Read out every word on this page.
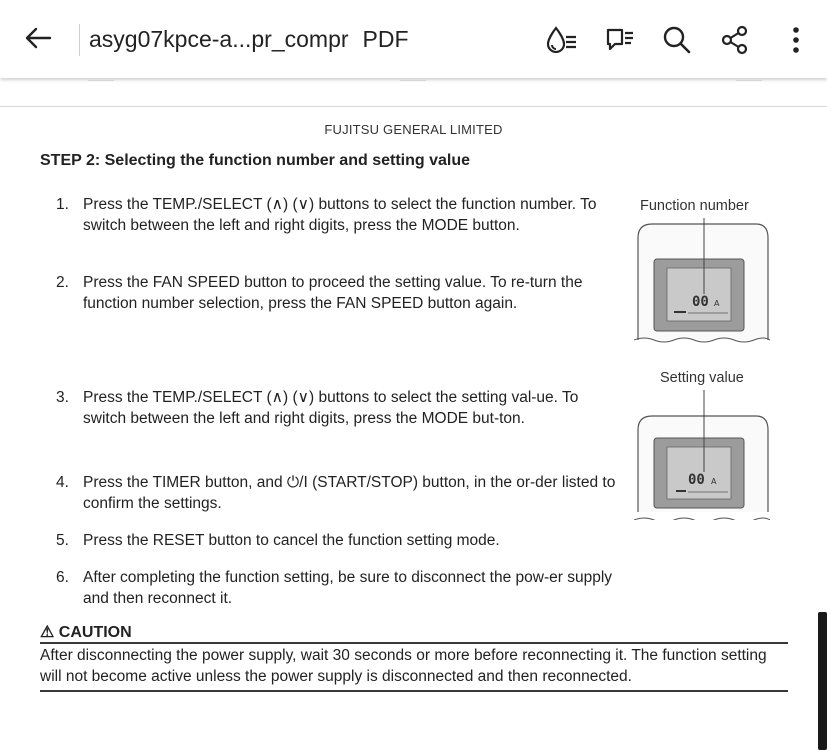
asyg07kpce-a...pr_compr PDF
FUJITSU GENERAL LIMITED
STEP 2: Selecting the function number and setting value
1. Press the TEMP./SELECT (∧) (∨) buttons to select the function number. To switch between the left and right digits, press the MODE button.
2. Press the FAN SPEED button to proceed the setting value. To re-turn the function number selection, press the FAN SPEED button again.
3. Press the TEMP./SELECT (∧) (∨) buttons to select the setting val-ue. To switch between the left and right digits, press the MODE but-ton.
4. Press the TIMER button, and ⏻/I (START/STOP) button, in the or-der listed to confirm the settings.
5. Press the RESET button to cancel the function setting mode.
6. After completing the function setting, be sure to disconnect the pow-er supply and then reconnect it.
Function number
00 A
Setting value
00 A
⚠ CAUTION
After disconnecting the power supply, wait 30 seconds or more before reconnecting it. The function setting will not become active unless the power supply is disconnected and then reconnected.
